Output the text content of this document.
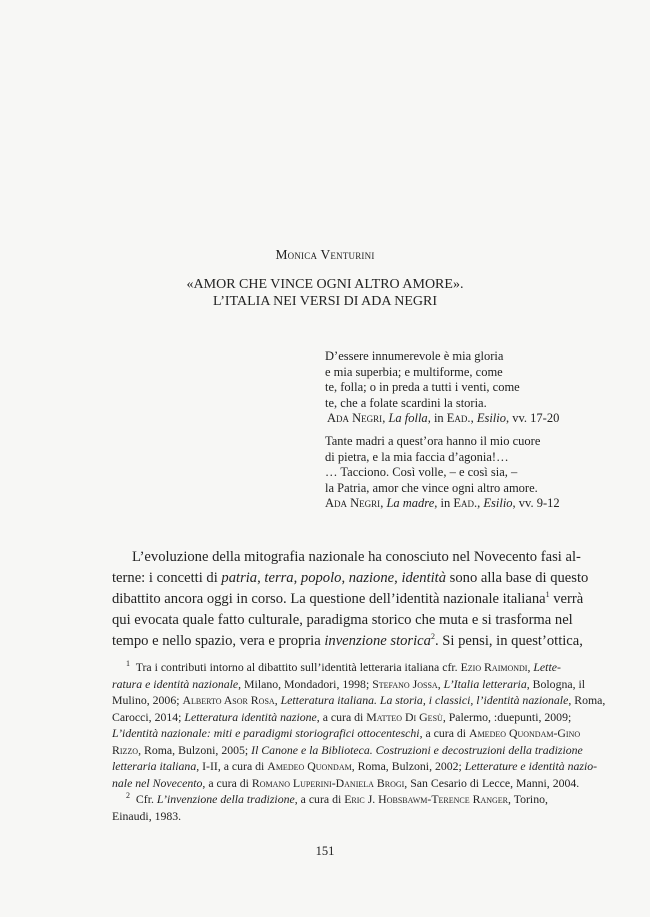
Monica Venturini
«AMOR CHE VINCE OGNI ALTRO AMORE».
L’ITALIA NEI VERSI DI ADA NEGRI
D’essere innumerevole è mia gloria
e mia superbia; e multiforme, come
te, folla; o in preda a tutti i venti, come
te, che a folate scardini la storia.
Ada Negri, La folla, in Ead., Esilio, vv. 17-20
Tante madri a quest’ora hanno il mio cuore
di pietra, e la mia faccia d’agonia!…
… Tacciono. Così volle, – e così sia, –
la Patria, amor che vince ogni altro amore.
Ada Negri, La madre, in Ead., Esilio, vv. 9-12
L’evoluzione della mitografia nazionale ha conosciuto nel Novecento fasi al-
terne: i concetti di patria, terra, popolo, nazione, identità sono alla base di questo
dibattito ancora oggi in corso. La questione dell’identità nazionale italiana$^1$ verrà
qui evocata quale fatto culturale, paradigma storico che muta e si trasforma nel
tempo e nello spazio, vera e propria invenzione storica$^2$. Si pensi, in quest’ottica,
$^1$ Tra i contributi intorno al dibattito sull’identità letteraria italiana cfr. Ezio Raimondi, Lette-
ratura e identità nazionale, Milano, Mondadori, 1998; Stefano Jossa, L’Italia letteraria, Bologna, il
Mulino, 2006; Alberto Asor Rosa, Letteratura italiana. La storia, i classici, l’identità nazionale, Roma,
Carocci, 2014; Letteratura identità nazione, a cura di Matteo Di Gesù, Palermo, :duepunti, 2009;
L’identità nazionale: miti e paradigmi storiografici ottocenteschi, a cura di Amedeo Quondam-Gino
Rizzo, Roma, Bulzoni, 2005; Il Canone e la Biblioteca. Costruzioni e decostruzioni della tradizione
letteraria italiana, I-II, a cura di Amedeo Quondam, Roma, Bulzoni, 2002; Letterature e identità nazio-
nale nel Novecento, a cura di Romano Luperini-Daniela Brogi, San Cesario di Lecce, Manni, 2004.
$^2$ Cfr. L’invenzione della tradizione, a cura di Eric J. Hobsbawm-Terence Ranger, Torino,
Einaudi, 1983.
151
